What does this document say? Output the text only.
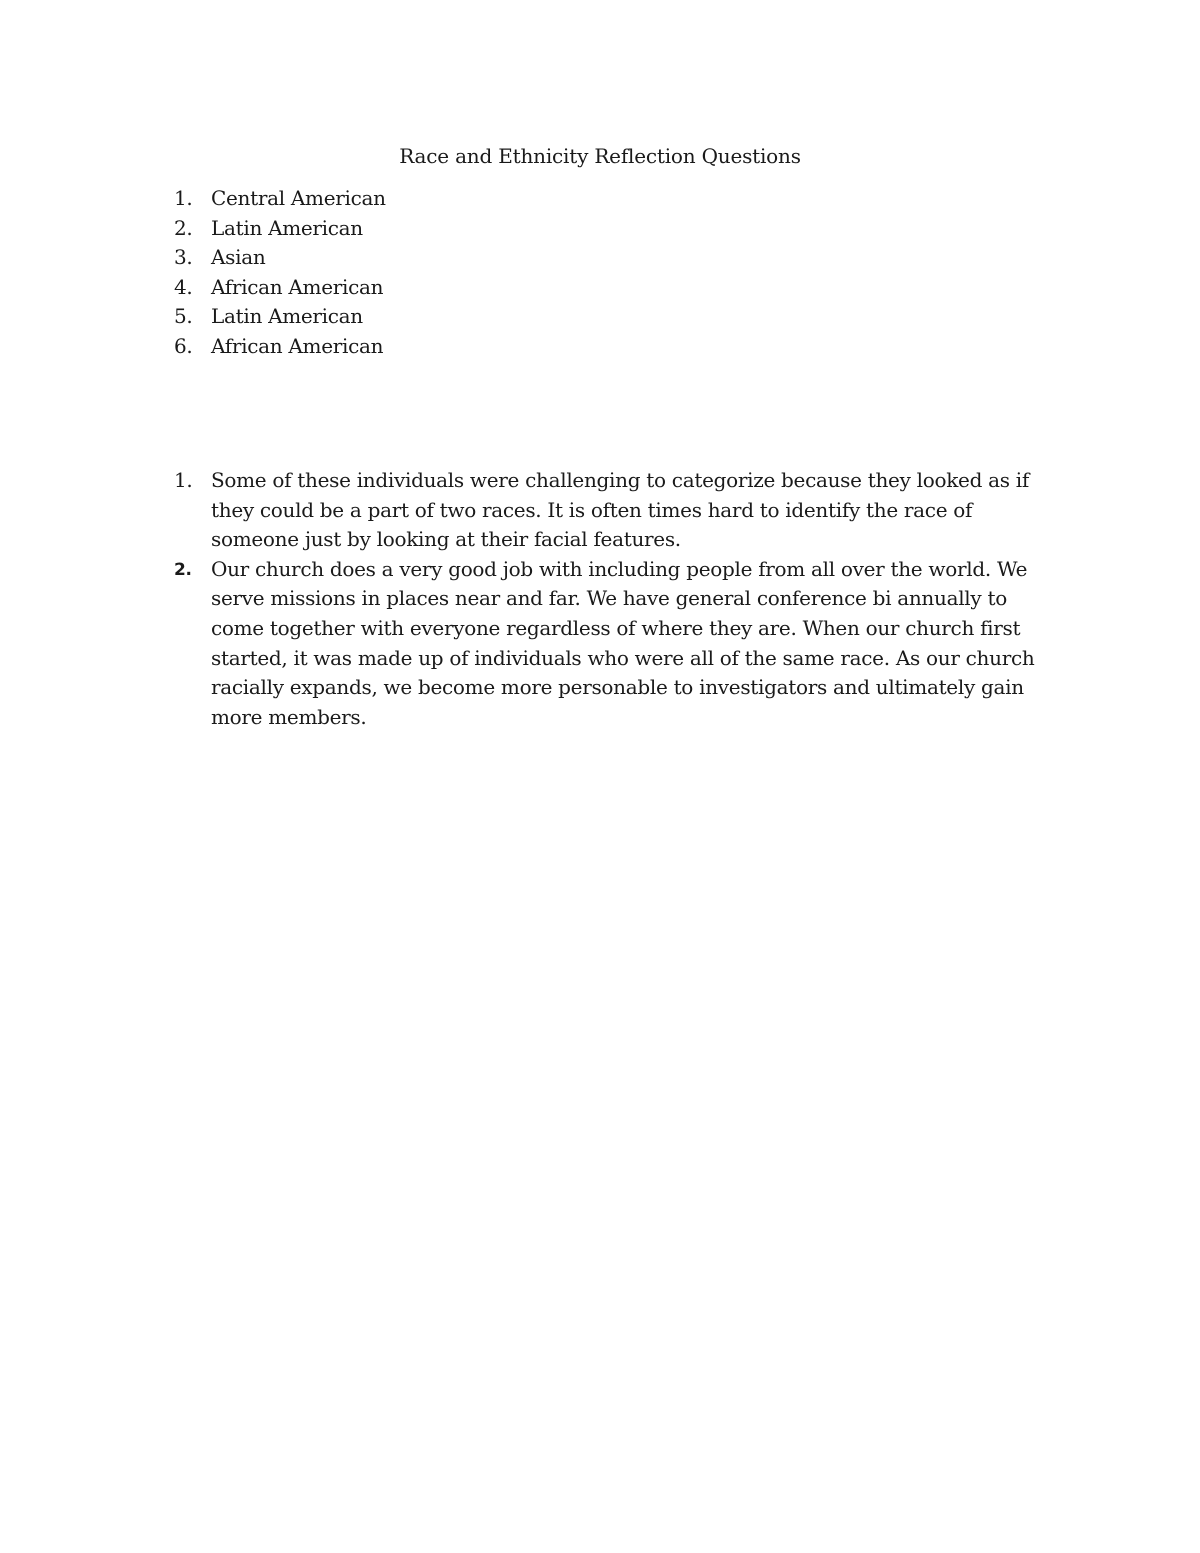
Race and Ethnicity Reflection Questions
1. Central American
2. Latin American
3. Asian
4. African American
5. Latin American
6. African American
1. Some of these individuals were challenging to categorize because they looked as if they could be a part of two races. It is often times hard to identify the race of someone just by looking at their facial features.
2. Our church does a very good job with including people from all over the world. We serve missions in places near and far. We have general conference bi annually to come together with everyone regardless of where they are. When our church first started, it was made up of individuals who were all of the same race. As our church racially expands, we become more personable to investigators and ultimately gain more members.
